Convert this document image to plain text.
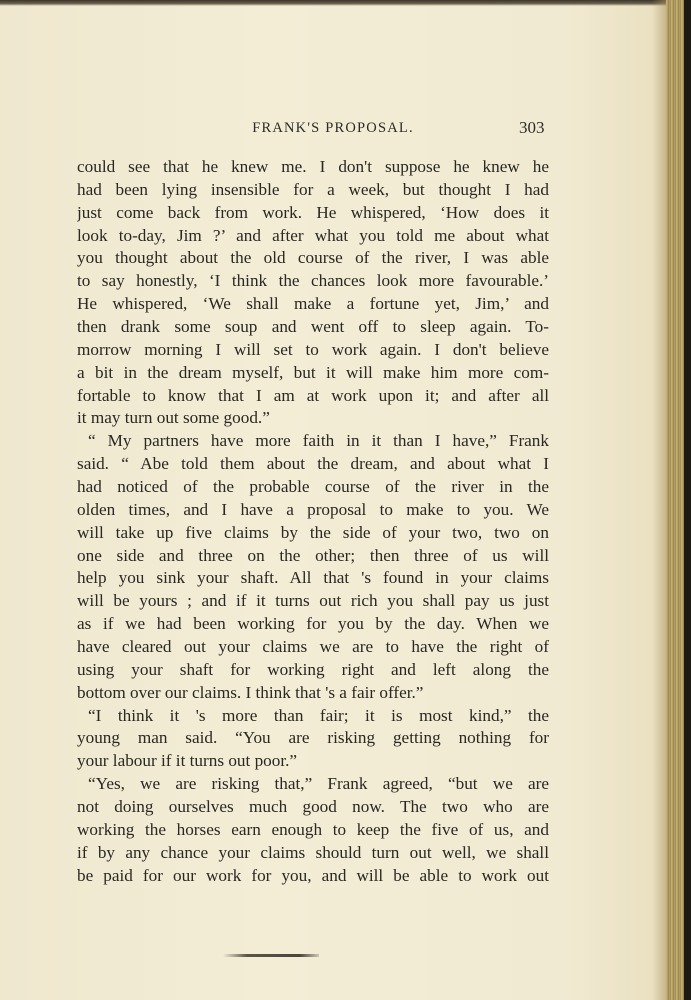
FRANK'S PROPOSAL.	303
could see that he knew me. I don't suppose he knew he
had been lying insensible for a week, but thought I had
just come back from work. He whispered, ‘How does it
look to-day, Jim ?’ and after what you told me about what
you thought about the old course of the river, I was able
to say honestly, ‘I think the chances look more favourable.’
He whispered, ‘We shall make a fortune yet, Jim,’ and
then drank some soup and went off to sleep again. To-
morrow morning I will set to work again. I don't believe
a bit in the dream myself, but it will make him more com-
fortable to know that I am at work upon it; and after all
it may turn out some good.”
“ My partners have more faith in it than I have,” Frank
said. “ Abe told them about the dream, and about what I
had noticed of the probable course of the river in the
olden times, and I have a proposal to make to you. We
will take up five claims by the side of your two, two on
one side and three on the other; then three of us will
help you sink your shaft. All that 's found in your claims
will be yours ; and if it turns out rich you shall pay us just
as if we had been working for you by the day. When we
have cleared out your claims we are to have the right of
using your shaft for working right and left along the
bottom over our claims. I think that 's a fair offer.”
“I think it 's more than fair; it is most kind,” the
young man said. “You are risking getting nothing for
your labour if it turns out poor.”
“Yes, we are risking that,” Frank agreed, “but we are
not doing ourselves much good now. The two who are
working the horses earn enough to keep the five of us, and
if by any chance your claims should turn out well, we shall
be paid for our work for you, and will be able to work out
